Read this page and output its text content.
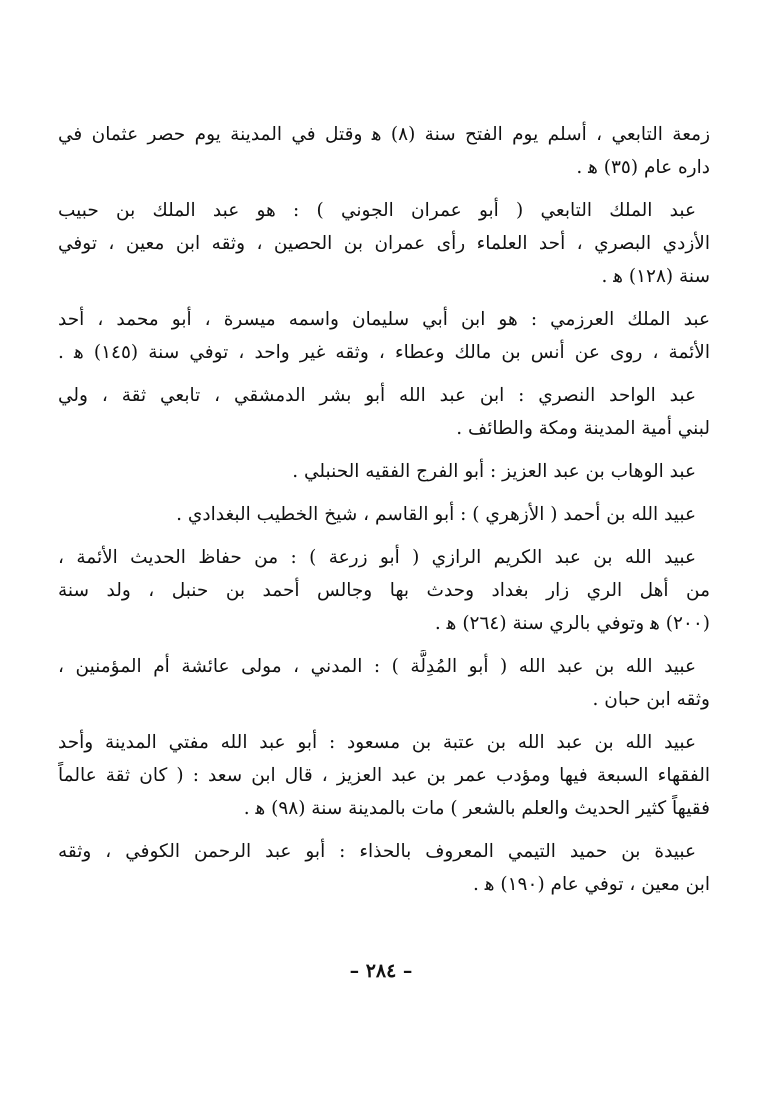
زمعة التابعي ، أسلم يوم الفتح سنة (٨) ﻫ وقتل في المدينة يوم حصر عثمان في
داره عام (٣٥) ﻫ .
عبد الملك التابعي ( أبو عمران الجوني ) : هو عبد الملك بن حبيب
الأزدي البصري ، أحد العلماء رأى عمران بن الحصين ، وثقه ابن معين ، توفي
سنة (١٢٨) ﻫ .
عبد الملك العرزمي : هو ابن أبي سليمان واسمه ميسرة ، أبو محمد ، أحد
الأئمة ، روى عن أنس بن مالك وعطاء ، وثقه غير واحد ، توفي سنة (١٤٥) ﻫ .
عبد الواحد النصري : ابن عبد الله أبو بشر الدمشقي ، تابعي ثقة ، ولي
لبني أمية المدينة ومكة والطائف .
عبد الوهاب بن عبد العزيز : أبو الفرج الفقيه الحنبلي .
عبيد الله بن أحمد ( الأزهري ) : أبو القاسم ، شيخ الخطيب البغدادي .
عبيد الله بن عبد الكريم الرازي ( أبو زرعة ) : من حفاظ الحديث الأئمة ،
من أهل الري زار بغداد وحدث بها وجالس أحمد بن حنبل ، ولد سنة
(٢٠٠) ﻫ وتوفي بالري سنة (٢٦٤) ﻫ .
عبيد الله بن عبد الله ( أبو المُدِلَّة ) : المدني ، مولى عائشة أم المؤمنين ،
وثقه ابن حبان .
عبيد الله بن عبد الله بن عتبة بن مسعود : أبو عبد الله مفتي المدينة وأحد
الفقهاء السبعة فيها ومؤدب عمر بن عبد العزيز ، قال ابن سعد : ( كان ثقة عالماً
فقيهاً كثير الحديث والعلم بالشعر ) مات بالمدينة سنة (٩٨) ﻫ .
عبيدة بن حميد التيمي المعروف بالحذاء : أبو عبد الرحمن الكوفي ، وثقه
ابن معين ، توفي عام (١٩٠) ﻫ .
– ٢٨٤ –
